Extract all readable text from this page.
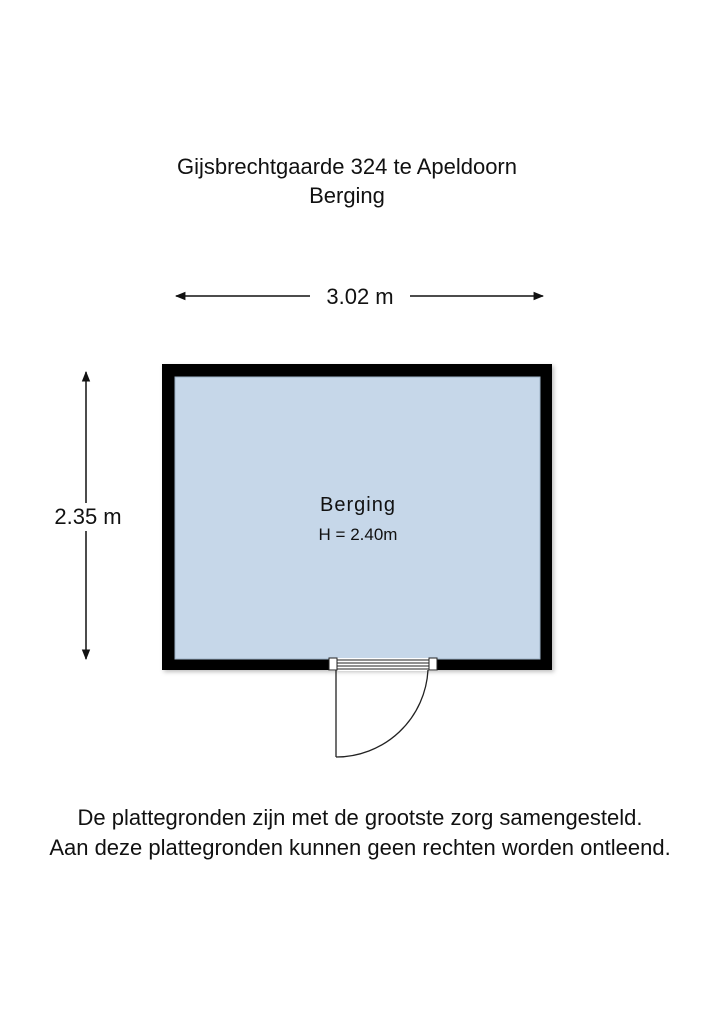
Gijsbrechtgaarde 324 te Apeldoorn
Berging
3.02 m
2.35 m	Berging
H = 2.40m
De plattegronden zijn met de grootste zorg samengesteld.
Aan deze plattegronden kunnen geen rechten worden ontleend.
